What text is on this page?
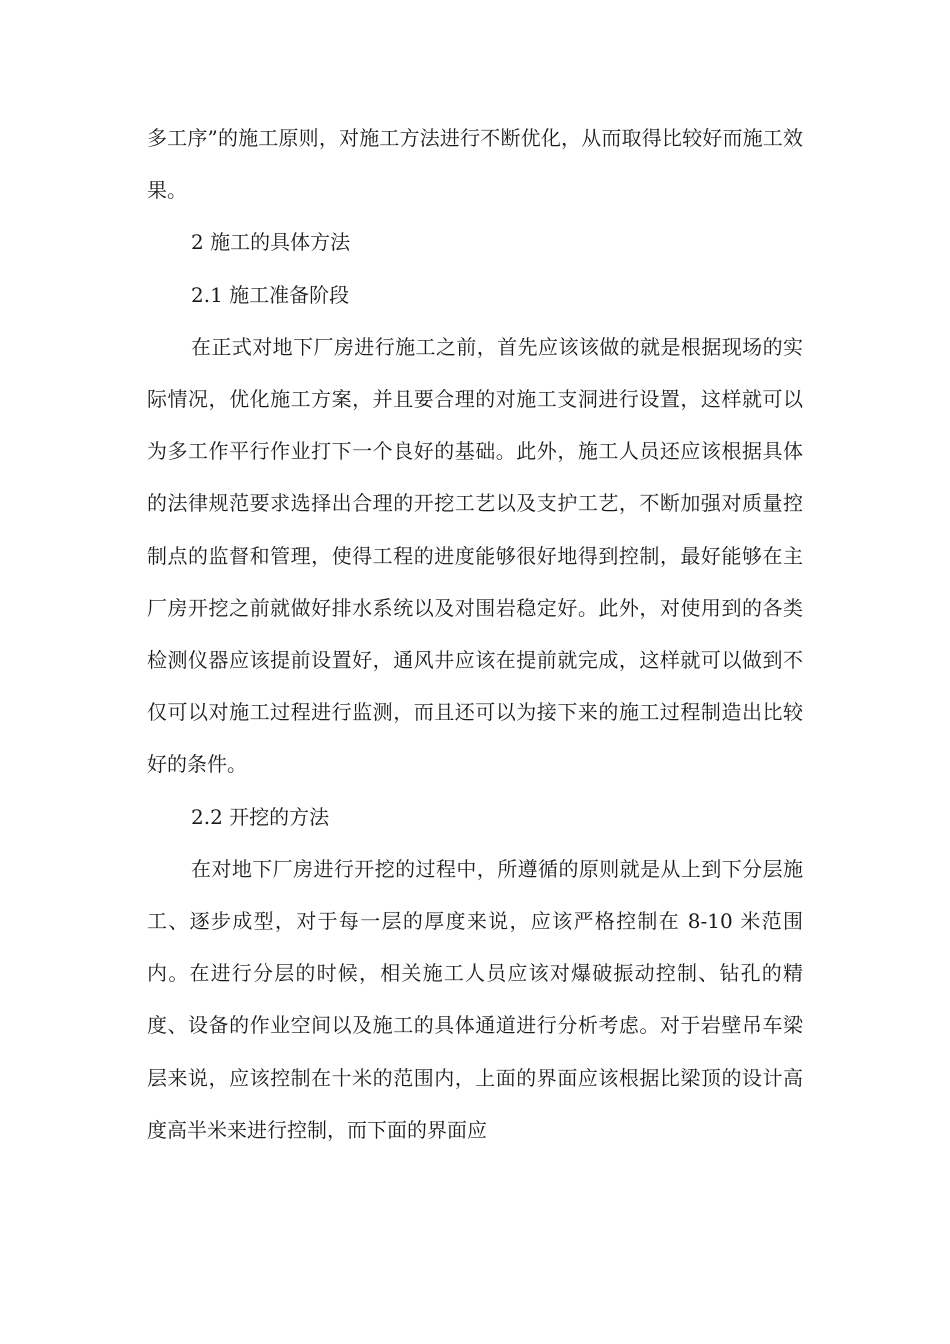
多工序”的施工原则，对施工方法进行不断优化，从而取得比较好而施工效果。

2 施工的具体方法

2.1 施工准备阶段

在正式对地下厂房进行施工之前，首先应该该做的就是根据现场的实际情况，优化施工方案，并且要合理的对施工支洞进行设置，这样就可以为多工作平行作业打下一个良好的基础。此外，施工人员还应该根据具体的法律规范要求选择出合理的开挖工艺以及支护工艺，不断加强对质量控制点的监督和管理，使得工程的进度能够很好地得到控制，最好能够在主厂房开挖之前就做好排水系统以及对围岩稳定好。此外，对使用到的各类检测仪器应该提前设置好，通风井应该在提前就完成，这样就可以做到不仅可以对施工过程进行监测，而且还可以为接下来的施工过程制造出比较好的条件。

2.2 开挖的方法

在对地下厂房进行开挖的过程中，所遵循的原则就是从上到下分层施工、逐步成型，对于每一层的厚度来说，应该严格控制在 8-10 米范围内。在进行分层的时候，相关施工人员应该对爆破振动控制、钻孔的精度、设备的作业空间以及施工的具体通道进行分析考虑。对于岩壁吊车梁层来说，应该控制在十米的范围内，上面的界面应该根据比梁顶的设计高度高半米来进行控制，而下面的界面应
